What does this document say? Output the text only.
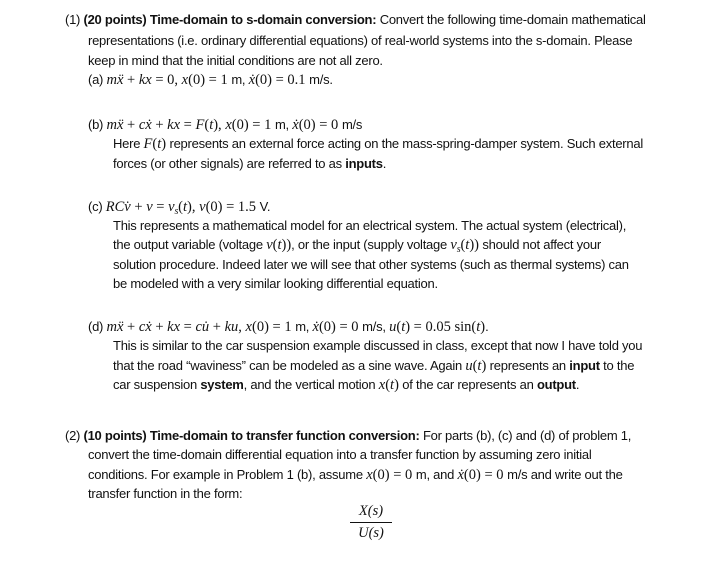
(1) (20 points) Time-domain to s-domain conversion: Convert the following time-domain mathematical
representations (i.e. ordinary differential equations) of real-world systems into the s-domain. Please
keep in mind that the initial conditions are not all zero.
(a) mẍ + kx = 0, x(0) = 1 m, ẋ(0) = 0.1 m/s.
(b) mẍ + cẋ + kx = F(t), x(0) = 1 m, ẋ(0) = 0 m/s
Here F(t) represents an external force acting on the mass-spring-damper system. Such external
forces (or other signals) are referred to as inputs.
(c) RCv̇ + $v = v_s(t)$, v(0) = 1.5 V.
This represents a mathematical model for an electrical system. The actual system (electrical),
the output variable (voltage v(t)), or the input (supply voltage $v_s(t)$) should not affect your
solution procedure. Indeed later we will see that other systems (such as thermal systems) can
be modeled with a very similar looking differential equation.
(d) mẍ + cẋ + kx = cu̇ + ku, x(0) = 1 m, ẋ(0) = 0 m/s, u(t) = 0.05 sin(t).
This is similar to the car suspension example discussed in class, except that now I have told you
that the road “waviness” can be modeled as a sine wave. Again u(t) represents an input to the
car suspension system, and the vertical motion x(t) of the car represents an output.
(2) (10 points) Time-domain to transfer function conversion: For parts (b), (c) and (d) of problem 1,
convert the time-domain differential equation into a transfer function by assuming zero initial
conditions. For example in Problem 1 (b), assume x(0) = 0 m, and ẋ(0) = 0 m/s and write out the
transfer function in the form:
X(s)
U(s)
